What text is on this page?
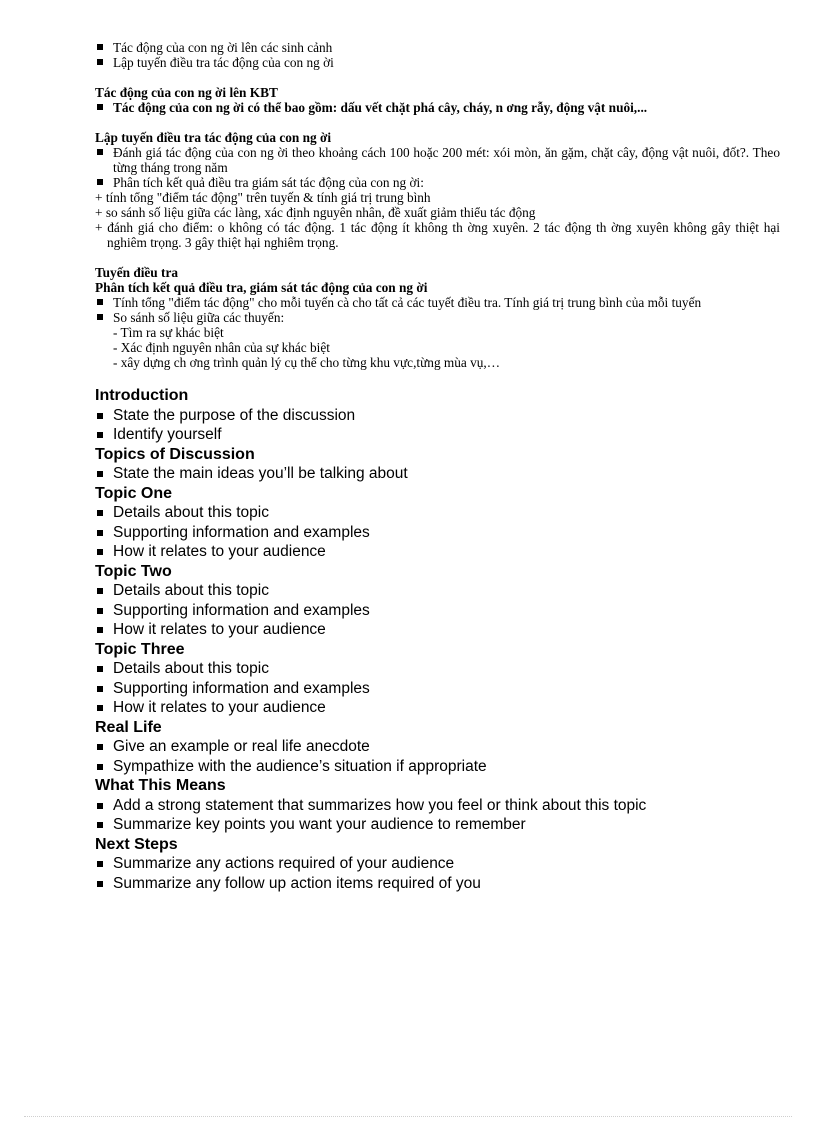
Tác động của con ng ời lên các sinh cảnh
Lập tuyến điều tra tác động của con ng ời
Tác động của con ng ời lên KBT
Tác động của con ng ời có thể bao gồm: dấu vết chặt phá cây, cháy, n ơng rẫy, động vật nuôi,...
Lập tuyến điều tra tác động của con ng ời
Đánh giá tác động của con ng ời theo khoảng cách 100 hoặc 200 mét: xói mòn, ăn gặm, chặt cây, động vật nuôi, đốt?. Theo từng tháng trong năm
Phân tích kết quả điều tra giám sát tác động của con ng ời:
+ tính tổng "điểm tác động" trên tuyến & tính giá trị trung bình
+ so sánh số liệu giữa các làng, xác định nguyên nhân, đề xuất giảm thiểu tác động
+ đánh giá cho điểm: o không có tác động. 1 tác động ít không th ờng xuyên. 2 tác động th ờng xuyên không gây thiệt hại nghiêm trọng. 3 gây thiệt hại nghiêm trọng.
Tuyến điều tra
Phân tích kết quả điều tra, giám sát tác động của con ng ời
Tính tổng "điểm tác động" cho mỗi tuyến cà cho tất cả các tuyết điều tra. Tính giá trị trung bình của mỗi tuyến
So sánh số liệu giữa các thuyến:
- Tìm ra sự khác biệt
- Xác định nguyên nhân của sự khác biệt
- xây dựng ch ơng trình quản lý cụ thể cho từng khu vực,từng mùa vụ,…
Introduction
State the purpose of the discussion
Identify yourself
Topics of Discussion
State the main ideas you’ll be talking about
Topic One
Details about this topic
Supporting information and examples
How it relates to your audience
Topic Two
Details about this topic
Supporting information and examples
How it relates to your audience
Topic Three
Details about this topic
Supporting information and examples
How it relates to your audience
Real Life
Give an example or real life anecdote
Sympathize with the audience’s situation if appropriate
What This Means
Add a strong statement that summarizes how you feel or think about this topic
Summarize key points you want your audience to remember
Next Steps
Summarize any actions required of your audience
Summarize any follow up action items required of you
